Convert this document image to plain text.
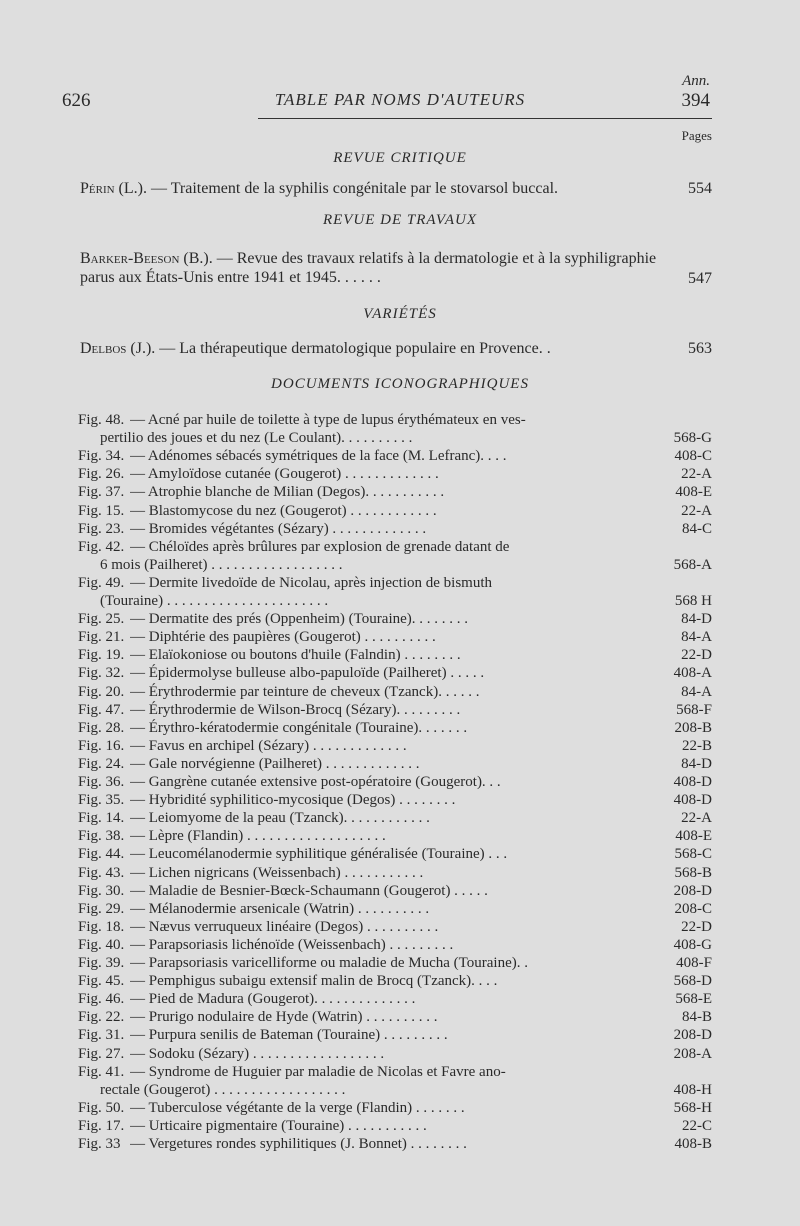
Ann.
626	TABLE PAR NOMS D'AUTEURS	394
Pages
REVUE CRITIQUE
Périn (L.). — Traitement de la syphilis congénitale par le stovarsol buccal.	554
REVUE DE TRAVAUX
Barker-Beeson (B.). — Revue des travaux relatifs à la dermatologie et à la syphiligraphie parus aux États-Unis entre 1941 et 1945. . . . . .	547
VARIÉTÉS
Delbos (J.). — La thérapeutique dermatologique populaire en Provence. .	563
DOCUMENTS ICONOGRAPHIQUES
Fig. 48. — Acné par huile de toilette à type de lupus érythémateux en ves-
pertilio des joues et du nez (Le Coulant). . . . . . . . . .	568-G
Fig. 34. — Adénomes sébacés symétriques de la face (M. Lefranc). . . .	408-C
Fig. 26. — Amyloïdose cutanée (Gougerot) . . . . . . . . . . . . .	22-A
Fig. 37. — Atrophie blanche de Milian (Degos). . . . . . . . . . .	408-E
Fig. 15. — Blastomycose du nez (Gougerot) . . . . . . . . . . . .	22-A
Fig. 23. — Bromides végétantes (Sézary) . . . . . . . . . . . . .	84-C
Fig. 42. — Chéloïdes après brûlures par explosion de grenade datant de
6 mois (Pailheret) . . . . . . . . . . . . . . . . . .	568-A
Fig. 49. — Dermite livedoïde de Nicolau, après injection de bismuth
(Touraine) . . . . . . . . . . . . . . . . . . . . . .	568 H
Fig. 25. — Dermatite des prés (Oppenheim) (Touraine). . . . . . . .	84-D
Fig. 21. — Diphtérie des paupières (Gougerot) . . . . . . . . . .	84-A
Fig. 19. — Elaïokoniose ou boutons d'huile (Falndin) . . . . . . . .	22-D
Fig. 32. — Épidermolyse bulleuse albo-papuloïde (Pailheret) . . . . .	408-A
Fig. 20. — Érythrodermie par teinture de cheveux (Tzanck). . . . . .	84-A
Fig. 47. — Érythrodermie de Wilson-Brocq (Sézary). . . . . . . . .	568-F
Fig. 28. — Érythro-kératodermie congénitale (Touraine). . . . . . .	208-B
Fig. 16. — Favus en archipel (Sézary) . . . . . . . . . . . . .	22-B
Fig. 24. — Gale norvégienne (Pailheret) . . . . . . . . . . . . .	84-D
Fig. 36. — Gangrène cutanée extensive post-opératoire (Gougerot). . .	408-D
Fig. 35. — Hybridité syphilitico-mycosique (Degos) . . . . . . . .	408-D
Fig. 14. — Leiomyome de la peau (Tzanck). . . . . . . . . . . .	22-A
Fig. 38. — Lèpre (Flandin) . . . . . . . . . . . . . . . . . . .	408-E
Fig. 44. — Leucomélanodermie syphilitique généralisée (Touraine) . . .	568-C
Fig. 43. — Lichen nigricans (Weissenbach) . . . . . . . . . . .	568-B
Fig. 30. — Maladie de Besnier-Bœck-Schaumann (Gougerot) . . . . .	208-D
Fig. 29. — Mélanodermie arsenicale (Watrin) . . . . . . . . . .	208-C
Fig. 18. — Nævus verruqueux linéaire (Degos) . . . . . . . . . .	22-D
Fig. 40. — Parapsoriasis lichénoïde (Weissenbach) . . . . . . . . .	408-G
Fig. 39. — Parapsoriasis varicelliforme ou maladie de Mucha (Touraine). .	408-F
Fig. 45. — Pemphigus subaigu extensif malin de Brocq (Tzanck). . . .	568-D
Fig. 46. — Pied de Madura (Gougerot). . . . . . . . . . . . . .	568-E
Fig. 22. — Prurigo nodulaire de Hyde (Watrin) . . . . . . . . . .	84-B
Fig. 31. — Purpura senilis de Bateman (Touraine) . . . . . . . . .	208-D
Fig. 27. — Sodoku (Sézary) . . . . . . . . . . . . . . . . . .	208-A
Fig. 41. — Syndrome de Huguier par maladie de Nicolas et Favre ano-
rectale (Gougerot) . . . . . . . . . . . . . . . . . .	408-H
Fig. 50. — Tuberculose végétante de la verge (Flandin) . . . . . . .	568-H
Fig. 17. — Urticaire pigmentaire (Touraine) . . . . . . . . . . .	22-C
Fig. 33 — Vergetures rondes syphilitiques (J. Bonnet) . . . . . . . .	408-B
